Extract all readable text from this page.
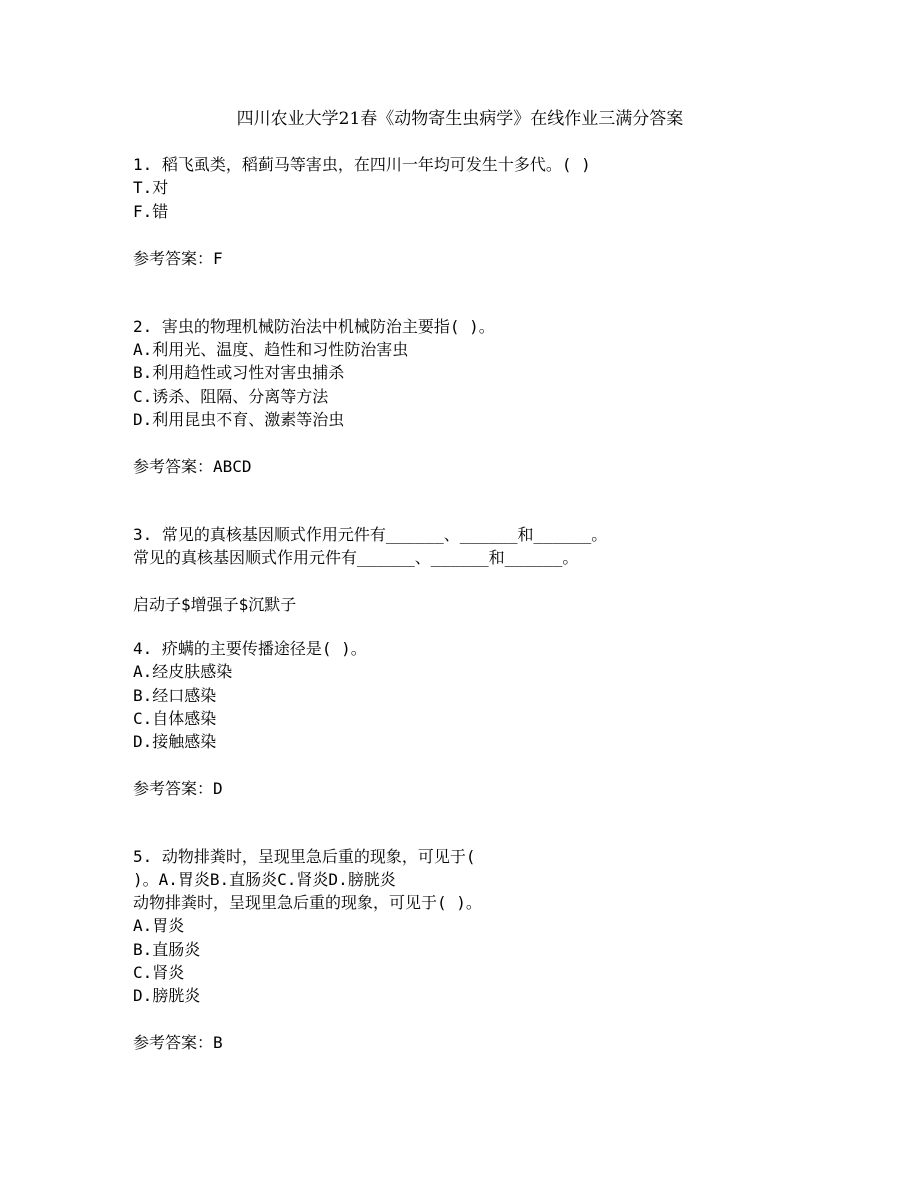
四川农业大学21春《动物寄生虫病学》在线作业三满分答案
1. 稻飞虱类，稻蓟马等害虫，在四川一年均可发生十多代。( )
T.对
F.错
参考答案：F
2. 害虫的物理机械防治法中机械防治主要指( )。
A.利用光、温度、趋性和习性防治害虫
B.利用趋性或习性对害虫捕杀
C.诱杀、阻隔、分离等方法
D.利用昆虫不育、激素等治虫
参考答案：ABCD
3. 常见的真核基因顺式作用元件有______、______和______。
常见的真核基因顺式作用元件有______、______和______。
启动子$增强子$沉默子
4. 疥螨的主要传播途径是( )。
A.经皮肤感染
B.经口感染
C.自体感染
D.接触感染
参考答案：D
5. 动物排粪时，呈现里急后重的现象，可见于(
)。A.胃炎B.直肠炎C.肾炎D.膀胱炎
动物排粪时，呈现里急后重的现象，可见于( )。
A.胃炎
B.直肠炎
C.肾炎
D.膀胱炎
参考答案：B
